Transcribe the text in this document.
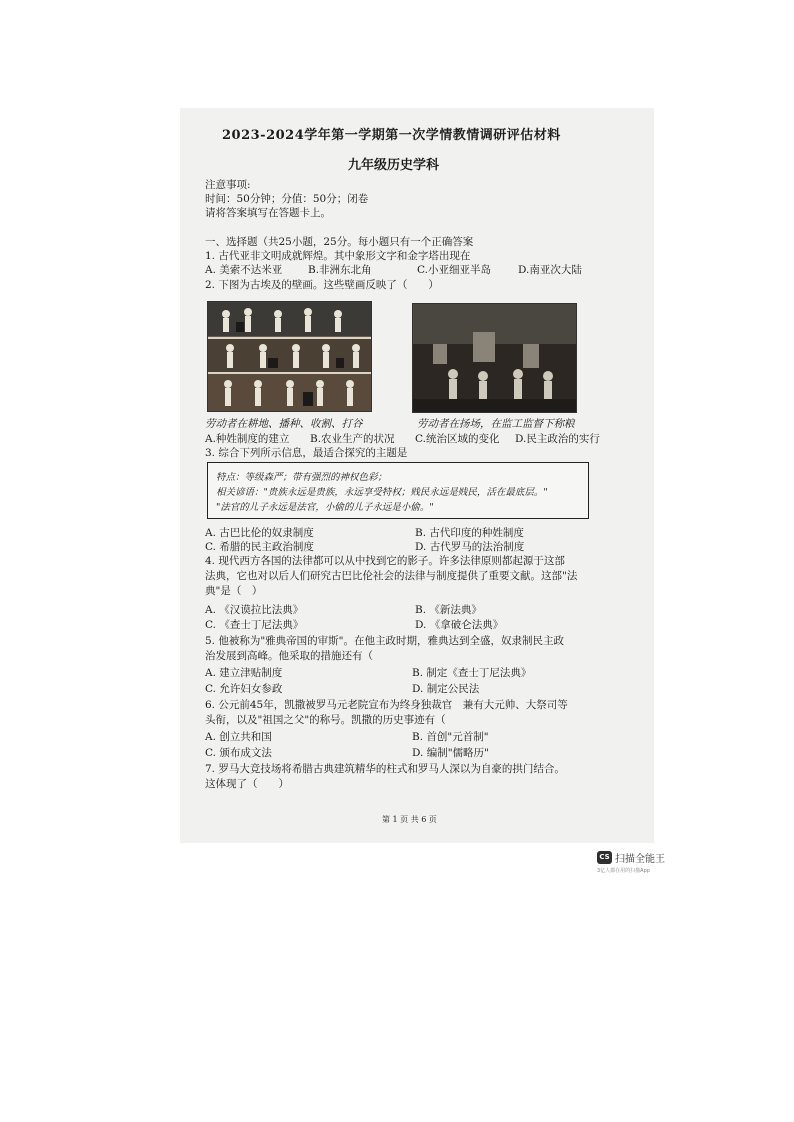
2023-2024学年第一学期第一次学情教情调研评估材料
九年级历史学科
注意事项:
时间：50分钟；分值：50分；闭卷
请将答案填写在答题卡上。
一、选择题（共25小题，25分。每小题只有一个正确答案
1. 古代亚非文明成就辉煌。其中象形文字和金字塔出现在
A. 美索不达米亚 B.非洲东北角	C.小亚细亚半岛	D.南亚次大陆
2. 下图为古埃及的壁画。这些壁画反映了（　　）
劳动者在耕地、播种、收割、打谷	劳动者在扬场，在监工监督下称粮
A.种姓制度的建立 B.农业生产的状况 C.统治区域的变化 D.民主政治的实行
3. 综合下列所示信息，最适合探究的主题是
特点：等级森严；带有强烈的神权色彩；
相关谚语："贵族永远是贵族，永远享受特权；贱民永远是贱民，活在最底层。"
"法官的儿子永远是法官，小偷的儿子永远是小偷。"
A. 古巴比伦的奴隶制度	B. 古代印度的种姓制度
C. 希腊的民主政治制度	D. 古代罗马的法治制度
4. 现代西方各国的法律都可以从中找到它的影子。许多法律原则都起源于这部
法典，它也对以后人们研究古巴比伦社会的法律与制度提供了重要文献。这部"法
典"是（　）
A. 《汉谟拉比法典》	B. 《新法典》
C. 《查士丁尼法典》	D. 《拿破仑法典》
5. 他被称为"雅典帝国的审斯"。在他主政时期，雅典达到全盛，奴隶制民主政
治发展到高峰。他采取的措施还有（
A. 建立津贴制度	B. 制定《查士丁尼法典》
C. 允许妇女参政	D. 制定公民法
6. 公元前45年，凯撒被罗马元老院宣布为终身独裁官　兼有大元帅、大祭司等
头衔，以及"祖国之父"的称号。凯撒的历史事迹有（
A. 创立共和国	B. 首创"元首制"
C. 颁布成文法	D. 编制"儒略历"
7. 罗马大竞技场将希腊古典建筑精华的柱式和罗马人深以为自豪的拱门结合。
这体现了（　　）
第 1 页 共 6 页
CS 扫描全能王
3亿人都在用的扫描App
